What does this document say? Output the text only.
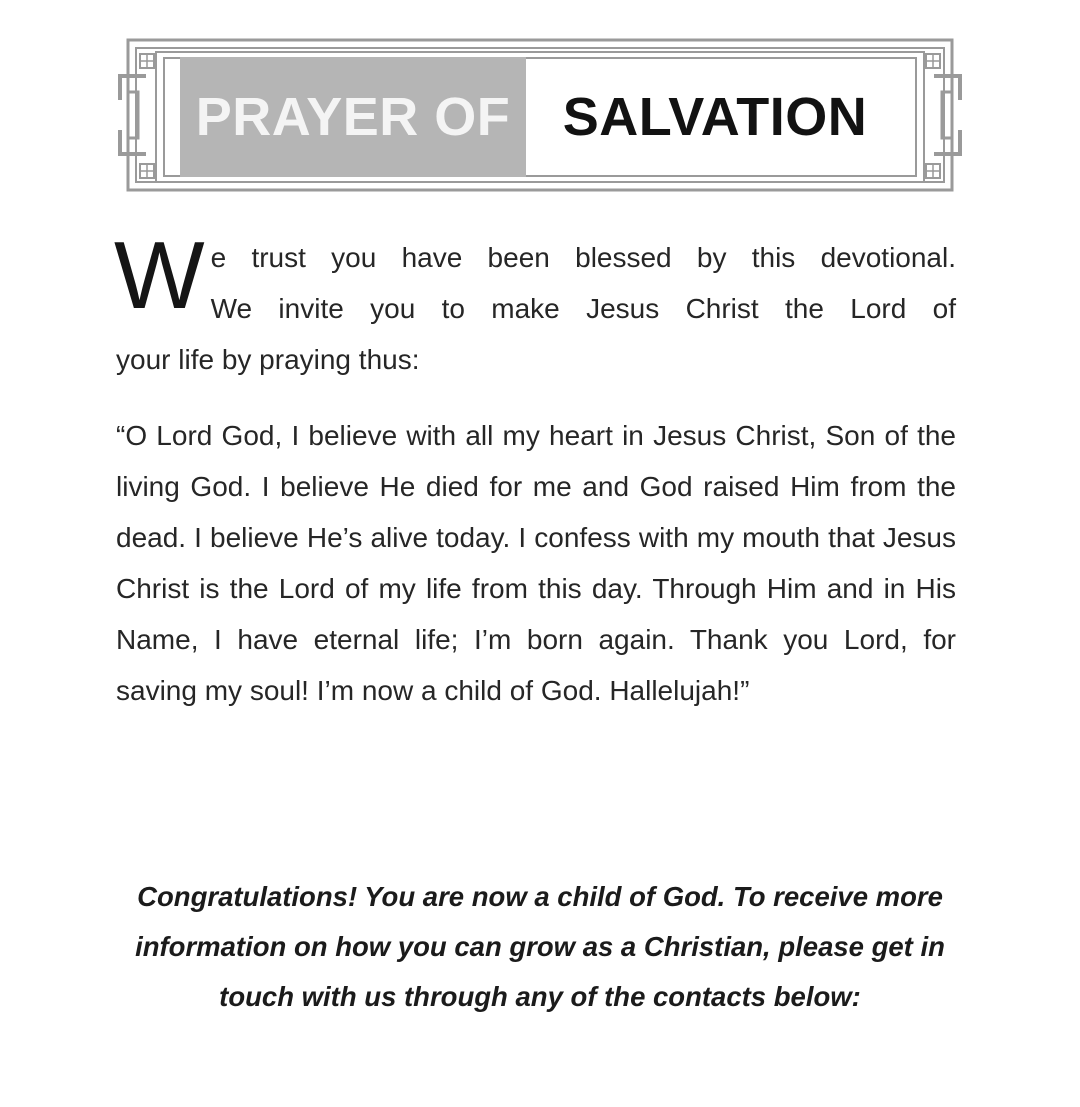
PRAYER OF SALVATION
W e trust you have been blessed by this devotional.
We invite you to make Jesus Christ the Lord of
your life by praying thus:

“O Lord God, I believe with all my heart in Jesus Christ, Son of the living God. I believe He died for me and God raised Him from the dead. I believe He’s alive today. I confess with my mouth that Jesus Christ is the Lord of my life from this day. Through Him and in His Name, I have eternal life; I’m born again. Thank you Lord, for saving my soul! I’m now a child of God. Hallelujah!”

Congratulations! You are now a child of God. To receive more information on how you can grow as a Christian, please get in touch with us through any of the contacts below:
